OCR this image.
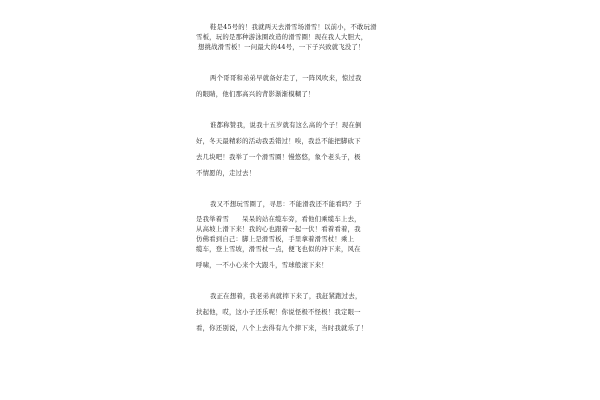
鞋是45号的！我就两天去滑雪场滑雪！以前小，不敢玩滑
雪板，玩的是那种游泳圈改造的滑雪圈！现在我人大胆大，
想挑战滑雪板！一问最大的44号，一下子兴致就飞没了！
两个哥哥和弟弟早就备好走了，一阵风吹来，惊过我
的眼睛，他们那高兴的背影渐渐模糊了！
谁都称赞我，说我十五岁就有这么高的个子！现在倒
好，冬天最精彩的活动我丢错过！唉，我总不能把脚砍下
去几块吧！我举了一个滑雪圈！慢悠悠，象个老头子，极
不情愿的，走过去！
我又不想玩雪圈了，寻思：不能滑我还不能看吗？于
是我举着雪　　呆呆的站在缆车旁，看他们乘缆车上去，
从高坡上滑下来！我的心也跟着一起一伏！看着看着，我
仿佛看到自己：脚上是滑雪板，手里拿着滑雪杖！乘上
缆车，登上雪坡，滑雪杖一点，便飞也似的冲下来，风在
呼啸，一不小心来个大跟斗，雪球般滚下来！
我正在想着，我老弟真就摔下来了，我赶紧跑过去，
扶起他，哎，这小子还乐呢！你说怪极不怪极！我定眼一
看，你还别说，八个上去得有九个摔下来，当时我就乐了！
